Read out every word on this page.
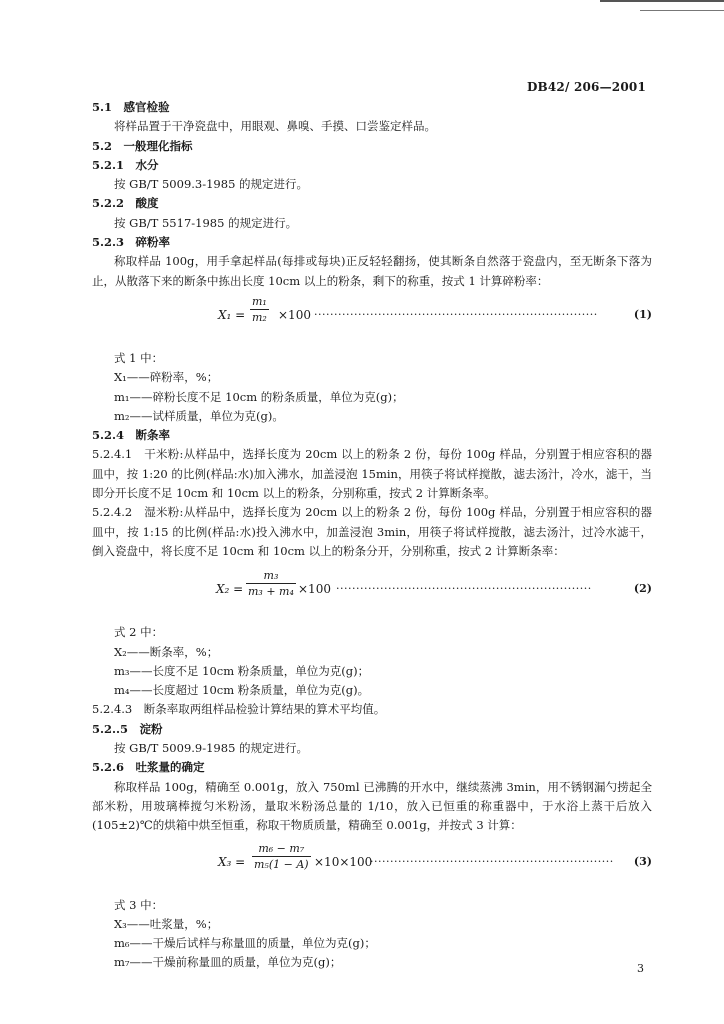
DB42/ 206—2001
5.1　感官检验
将样品置于干净瓷盘中，用眼观、鼻嗅、手摸、口尝鉴定样品。
5.2　一般理化指标
5.2.1　水分
按 GB/T 5009.3-1985 的规定进行。
5.2.2　酸度
按 GB/T 5517-1985 的规定进行。
5.2.3　碎粉率
称取样品 100g，用手拿起样品(每排或每块)正反轻轻翻扬，使其断条自然落于瓷盘内，至无断条下落为止，从散落下来的断条中拣出长度 10cm 以上的粉条，剩下的称重，按式 1 计算碎粉率：
X₁ =
m₁
m₂ ×100 ·······································································	(1)
式 1 中：
X₁——碎粉率，%；
m₁——碎粉长度不足 10cm 的粉条质量，单位为克(g)；
m₂——试样质量，单位为克(g)。
5.2.4　断条率
5.2.4.1　干米粉:从样品中，选择长度为 20cm 以上的粉条 2 份，每份 100g 样品，分别置于相应容积的器皿中，按 1:20 的比例(样品:水)加入沸水，加盖浸泡 15min，用筷子将试样搅散，滤去汤汁，冷水，滤干，当即分开长度不足 10cm 和 10cm 以上的粉条，分别称重，按式 2 计算断条率。
5.2.4.2　湿米粉:从样品中，选择长度为 20cm 以上的粉条 2 份，每份 100g 样品，分别置于相应容积的器皿中，按 1:15 的比例(样品:水)投入沸水中，加盖浸泡 3min，用筷子将试样搅散，滤去汤汁，过冷水滤干，倒入瓷盘中，将长度不足 10cm 和 10cm 以上的粉条分开，分别称重，按式 2 计算断条率：
X₂ =
m₃
m₃ + m₄ ×100 ································································	(2)
式 2 中：
X₂——断条率，%；
m₃——长度不足 10cm 粉条质量，单位为克(g)；
m₄——长度超过 10cm 粉条质量，单位为克(g)。
5.2.4.3　断条率取两组样品检验计算结果的算术平均值。
5.2..5　淀粉
按 GB/T 5009.9-1985 的规定进行。
5.2.6　吐浆量的确定
称取样品 100g，精确至 0.001g，放入 750ml 已沸腾的开水中，继续蒸沸 3min，用不锈钢漏勺捞起全部米粉，用玻璃棒搅匀米粉汤，量取米粉汤总量的 1/10，放入已恒重的称重器中，于水浴上蒸干后放入(105±2)℃的烘箱中烘至恒重，称取干物质质量，精确至 0.001g，并按式 3 计算：
X₃ =
m₆ − m₇
m₅(1 − A) ×10×100
·····························································	(3)
式 3 中：
X₃——吐浆量，%；
m₆——干燥后试样与称量皿的质量，单位为克(g)；
m₇——干燥前称量皿的质量，单位为克(g)；	3
